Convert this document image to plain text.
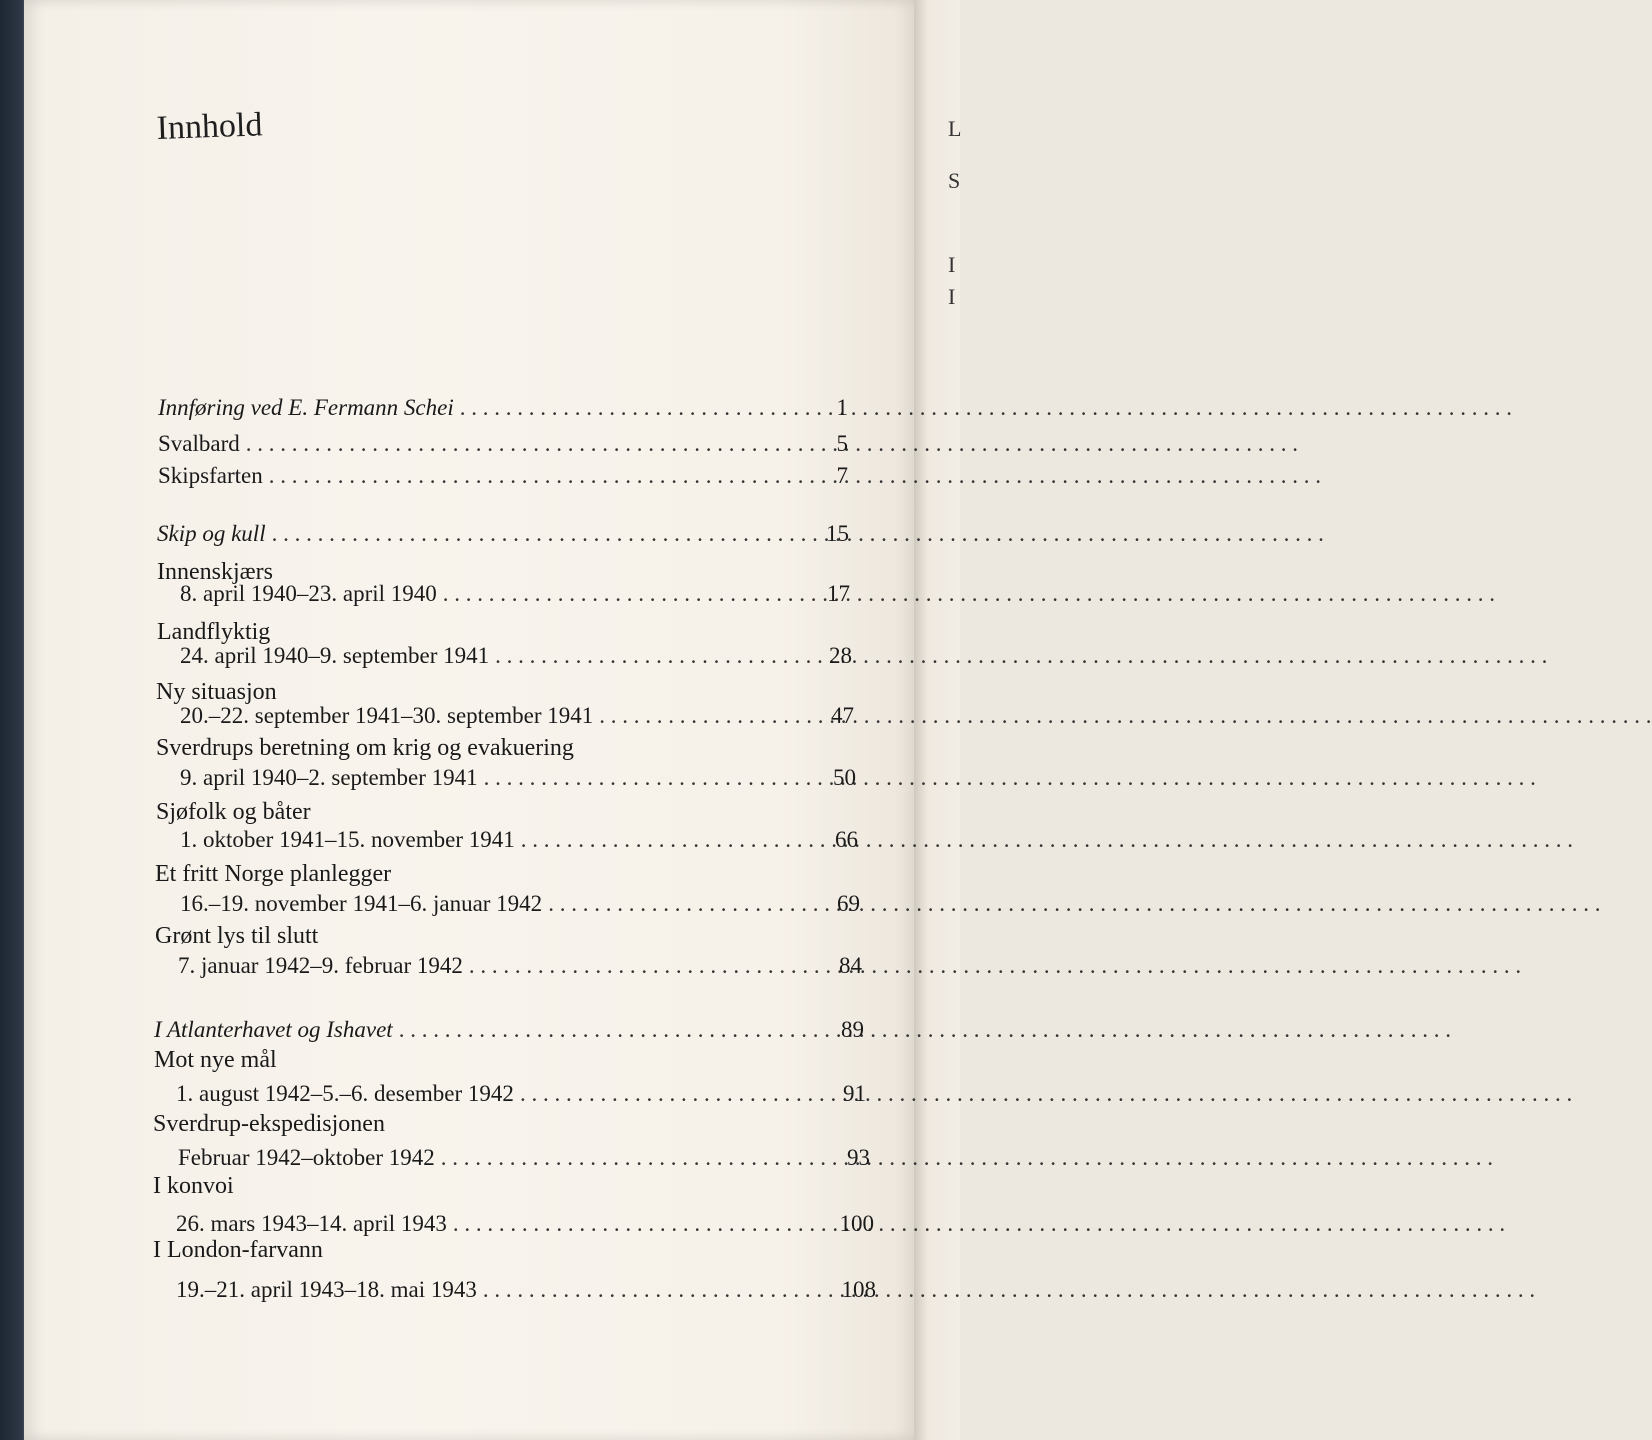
L
S
I
I
Innhold
Innføring ved E. Fermann Schei . . .	1
Svalbard . . .	5
Skipsfarten . . .	7
Skip og kull . . .	15
Innenskjærs
8. april 1940–23. april 1940 . . .	17
Landflyktig
24. april 1940–9. september 1941 . . .	28
Ny situasjon
20.–22. september 1941–30. september 1941 . . .	47
Sverdrups beretning om krig og evakuering
9. april 1940–2. september 1941 . . .	50
Sjøfolk og båter
1. oktober 1941–15. november 1941 . . .	66
Et fritt Norge planlegger
16.–19. november 1941–6. januar 1942 . . .	69
Grønt lys til slutt
7. januar 1942–9. februar 1942 . . .	84
I Atlanterhavet og Ishavet . . .	89
Mot nye mål
1. august 1942–5.–6. desember 1942 . . .	91
Sverdrup-ekspedisjonen
Februar 1942–oktober 1942 . . .	93
I konvoi
26. mars 1943–14. april 1943 . . .	100
I London-farvann
19.–21. april 1943–18. mai 1943 . . .	108
